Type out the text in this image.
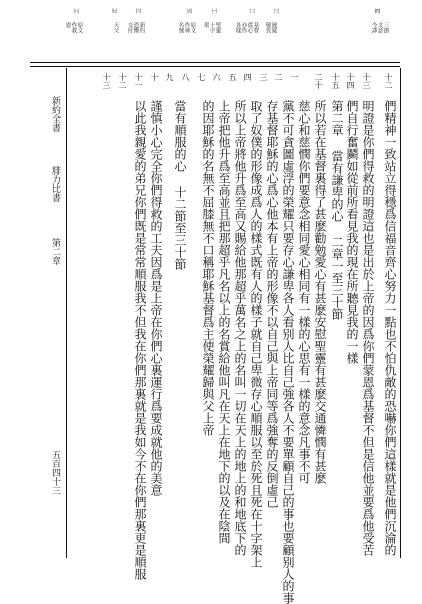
㈣
三節
文意
今譯
㈢
遲疑
敬畏
㈡
基督
從心
亦作
各樣
㈠
聖靈
十字
架
㈤
原文
作神
名號
㈥
新約
恐懼
交付
㈦
天父
㈧
原文
作救
恩
十二
十三
十四
十五
二十
一
二
三
四
五
六
七
八
九
十
十一
十二
十三
們精神一致站立得穩爲信福音齊心努力一點也不怕仇敵的恐嚇你們這樣就是他們沉淪的
明證是你們得救的明證這也是出於上帝的因爲你們蒙恩爲基督不但是信他並要爲他受苦
們自行奮鬬如從前所看見我的現在所聽見我的一樣
第二章 當有謙卑的心 二章一至三十節
所以若在基督裏得了甚麽勸勉愛心有甚麽安慰聖靈有甚麽交通憐憫有甚麽
慈心和慈憫你們要意念相同愛心相同有一樣的心思有一樣的意念凡事不可
黨不可貪圖虛浮的榮耀只要存心謙卑各人看别人比自己強各人不要單顧自己的事也要顧别人的事
存基督耶穌的心爲心他本有上帝的形像不以自己與上帝同等爲強奪的反倒虛己
取了奴僕的形像成爲人的樣式既有人的樣子就自己卑微存心順服以至於死且死在十字架上
所以上帝將他升爲至高又賜給他那超乎萬名之上的名叫一切在天上的地上的和地底下的
上帝把他升爲至高並且把那超乎凡名以上的名賞給他叫凡在天上在地下的以及在陰間
的因耶穌的名無不屈膝無不口稱耶穌基督爲主使榮耀歸與父上帝
當有順服的心 十二節至三十節
謹慎小心完全你們得救的工夫因爲是上帝在你們心裏運行爲要成就他的美意
以此我親愛的弟兄你們既是常常順服我不但我在你們那裏就是我如今不在你們那裏更是順服
新約全書
腓力比書
第二章
五百四十三
